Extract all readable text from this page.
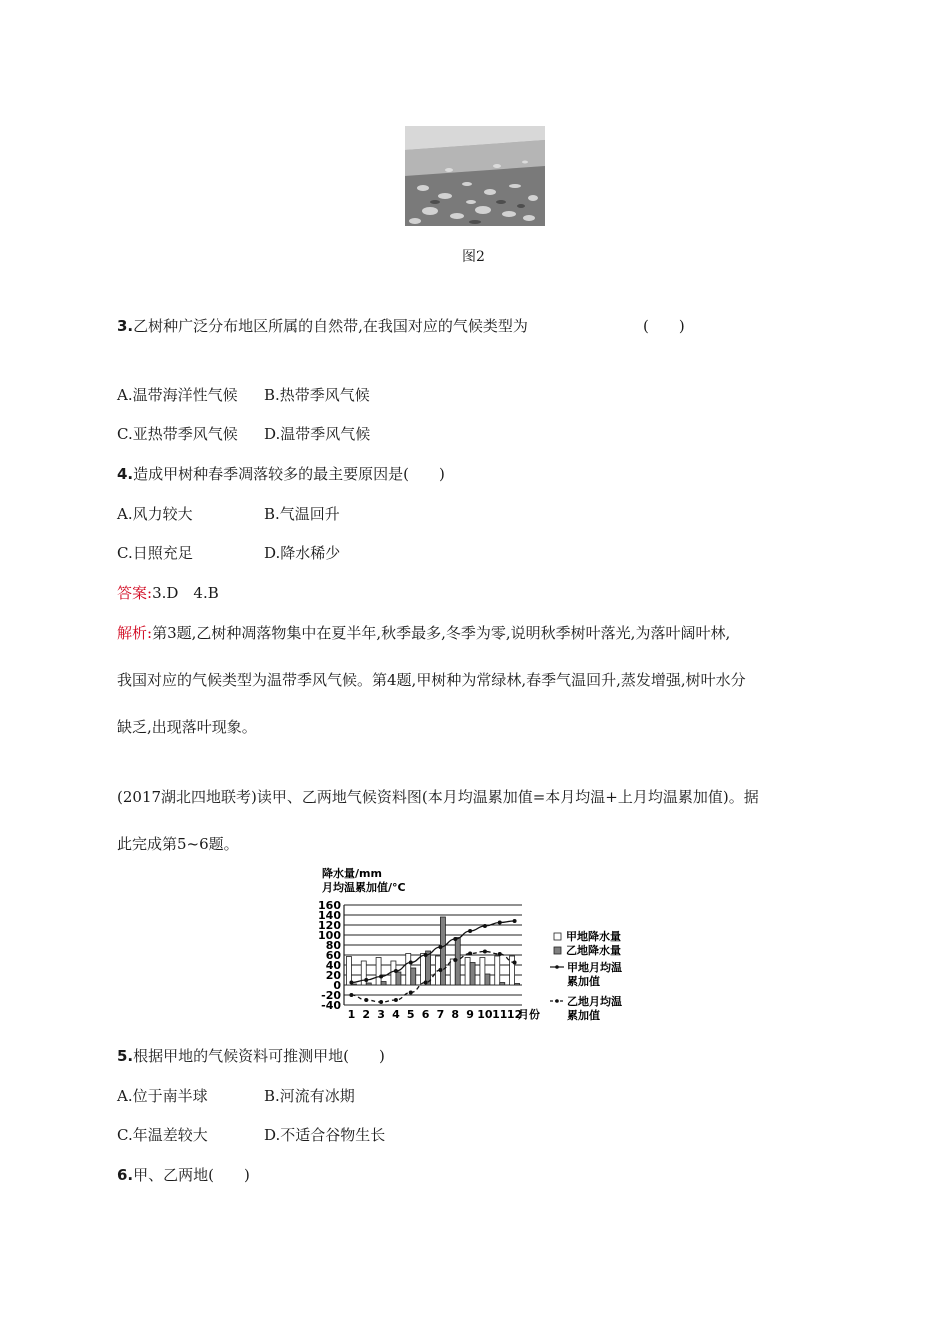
图2
3.乙树种广泛分布地区所属的自然带,在我国对应的气候类型为	(　　)
A.温带海洋性气候 B.热带季风气候
C.亚热带季风气候 D.温带季风气候
4.造成甲树种春季凋落较多的最主要原因是(　　)
A.风力较大	B.气温回升
C.日照充足	D.降水稀少
答案:3.D　4.B
解析:第3题,乙树种凋落物集中在夏半年,秋季最多,冬季为零,说明秋季树叶落光,为落叶阔叶林,
我国对应的气候类型为温带季风气候。第4题,甲树种为常绿林,春季气温回升,蒸发增强,树叶水分
缺乏,出现落叶现象。
(2017湖北四地联考)读甲、乙两地气候资料图(本月均温累加值=本月均温+上月均温累加值)。据
此完成第5~6题。
降水量/mm
月均温累加值/°C
160
140
120
100
80
60
40
20
0
-20
-40
1 2 3 4 5 6 7 8 9 10 11 12
甲地降水量
乙地降水量
甲地月均温
累加值
乙地月均温
累加值
月份
5.根据甲地的气候资料可推测甲地(　　)
A.位于南半球	B.河流有冰期
C.年温差较大	D.不适合谷物生长
6.甲、乙两地(　　)
